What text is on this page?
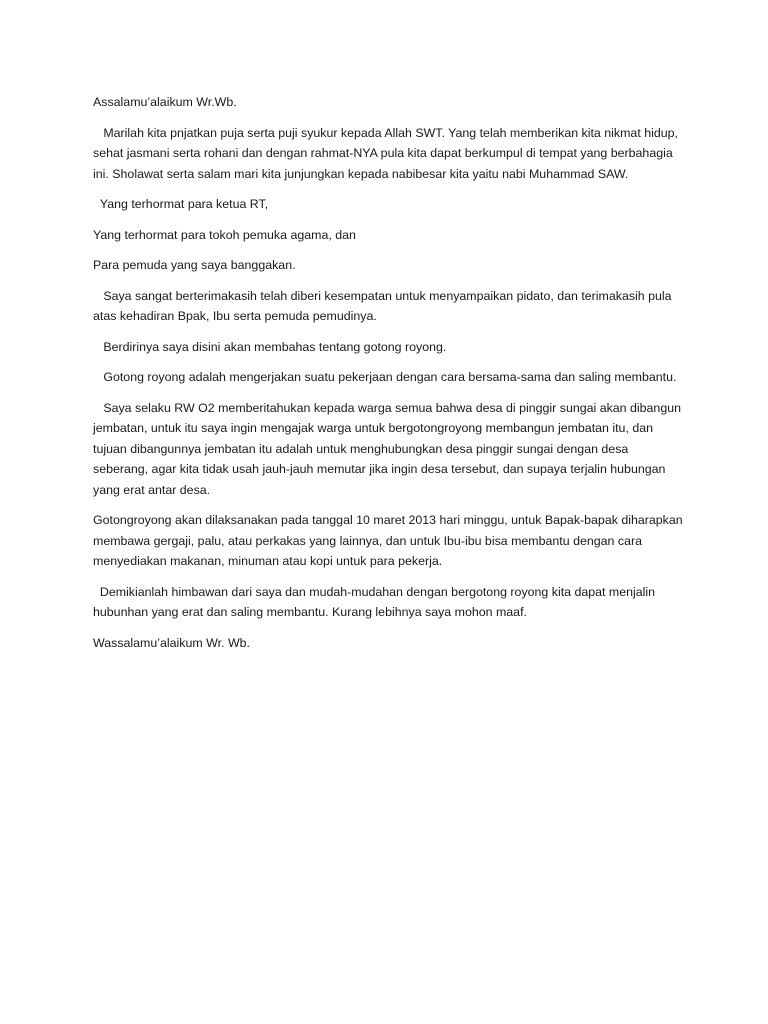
Assalamu’alaikum Wr.Wb.

Marilah kita pnjatkan puja serta puji syukur kepada Allah SWT. Yang telah memberikan kita nikmat hidup, sehat jasmani serta rohani dan dengan rahmat-NYA pula kita dapat berkumpul di tempat yang berbahagia ini. Sholawat serta salam mari kita junjungkan kepada nabibesar kita yaitu nabi Muhammad SAW.

Yang terhormat para ketua RT,

Yang terhormat para tokoh pemuka agama, dan

Para pemuda yang saya banggakan.

Saya sangat berterimakasih telah diberi kesempatan untuk menyampaikan pidato, dan terimakasih pula atas kehadiran Bpak, Ibu serta pemuda pemudinya.

Berdirinya saya disini akan membahas tentang gotong royong.

Gotong royong adalah mengerjakan suatu pekerjaan dengan cara bersama-sama dan saling membantu.

Saya selaku RW O2 memberitahukan kepada warga semua bahwa desa di pinggir sungai akan dibangun jembatan, untuk itu saya ingin mengajak warga untuk bergotongroyong membangun jembatan itu, dan tujuan dibangunnya jembatan itu adalah untuk menghubungkan desa pinggir sungai dengan desa seberang, agar kita tidak usah jauh-jauh memutar jika ingin desa tersebut, dan supaya terjalin hubungan yang erat antar desa.

Gotongroyong akan dilaksanakan pada tanggal 10 maret 2013 hari minggu, untuk Bapak-bapak diharapkan membawa gergaji, palu, atau perkakas yang lainnya, dan untuk Ibu-ibu bisa membantu dengan cara menyediakan makanan, minuman atau kopi untuk para pekerja.

Demikianlah himbawan dari saya dan mudah-mudahan dengan bergotong royong kita dapat menjalin hubunhan yang erat dan saling membantu. Kurang lebihnya saya mohon maaf.

Wassalamu’alaikum Wr. Wb.
